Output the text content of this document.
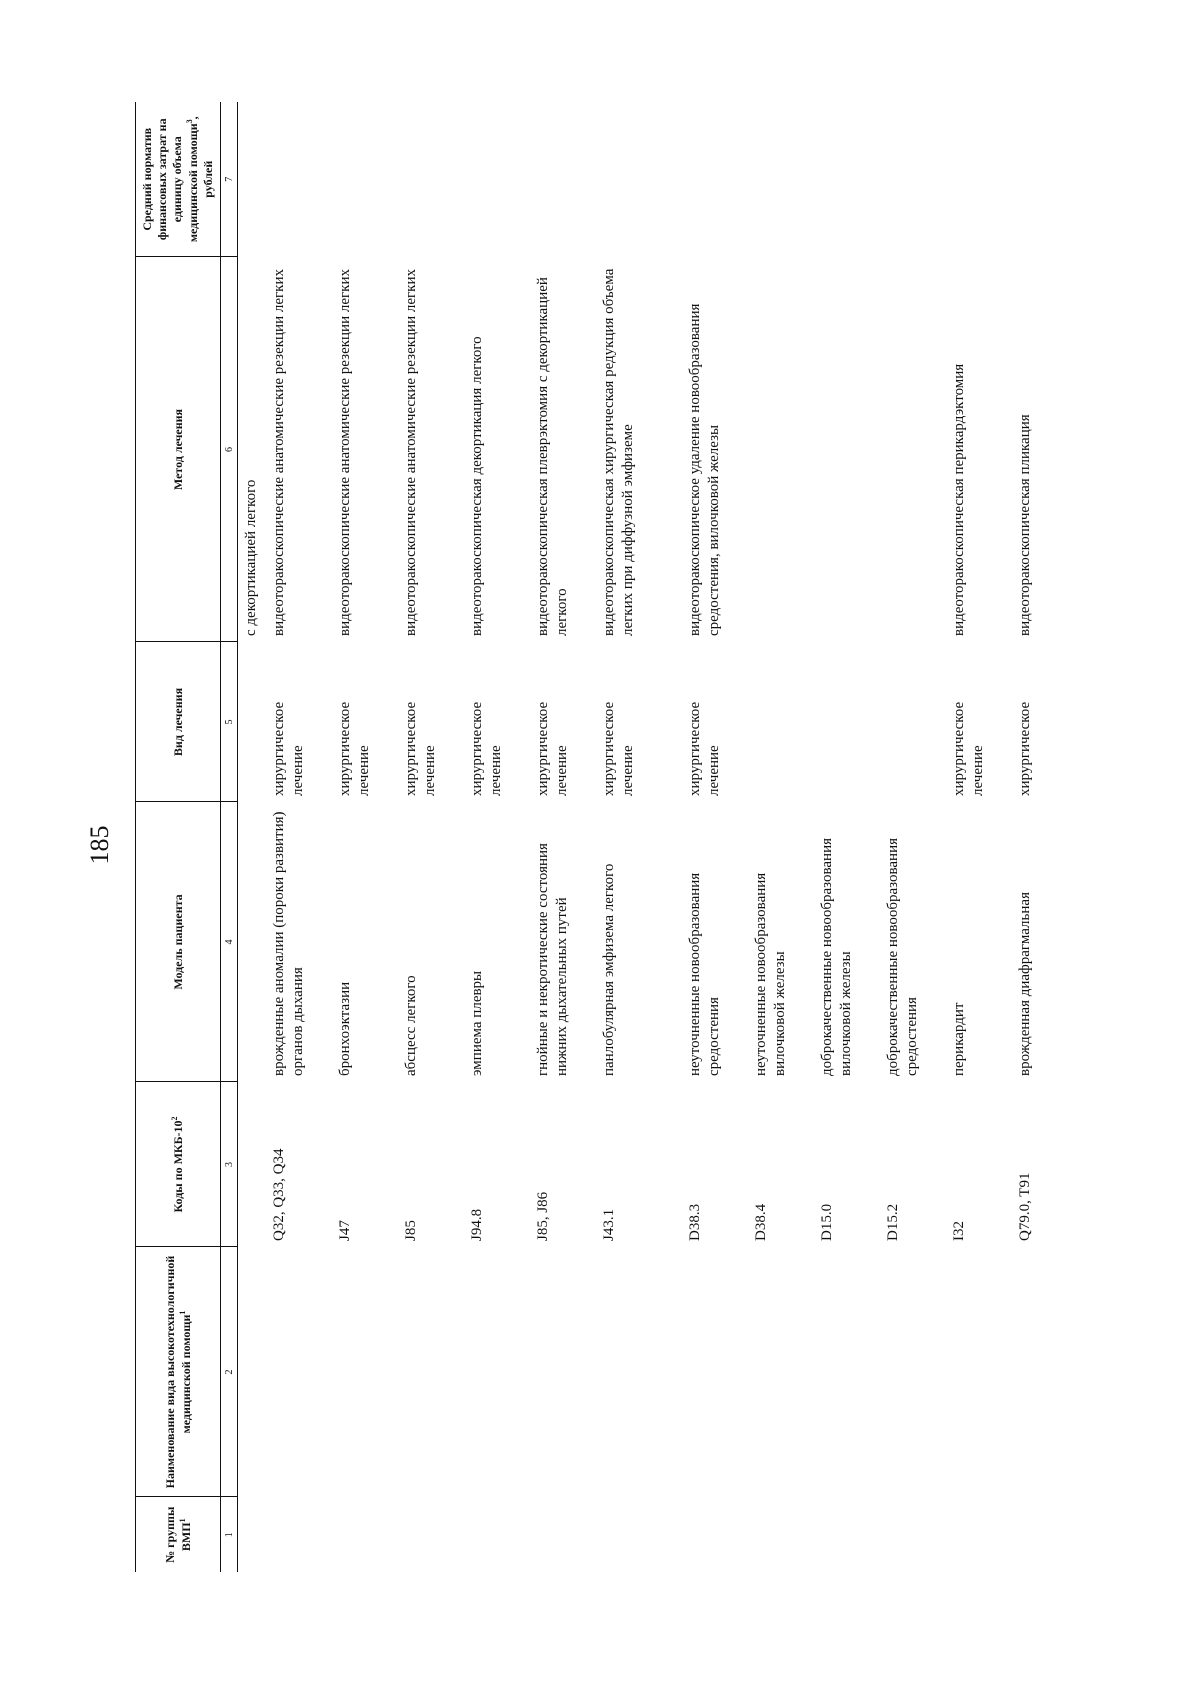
185
№ группы ВМП$^1$	Наименование вида высокотехнологичной медицинской помощи$^1$	Коды по МКБ-$10^2$	Модель пациента	Вид лечения	Метод лечения	Средний норматив финансовых затрат на единицу объема медицинской помощи$^3$, рублей
1	2	3	4	5	6	7
					с декортикацией легкого	
		Q32, Q33, Q34	врожденные аномалии (пороки развития) органов дыхания	хирургическое лечение	видеоторакоскопические анатомические резекции легких	
		J47	бронхоэктазии	хирургическое лечение	видеоторакоскопические анатомические резекции легких	
		J85	абсцесс легкого	хирургическое лечение	видеоторакоскопические анатомические резекции легких	
		J94.8	эмпиема плевры	хирургическое лечение	видеоторакоскопическая декортикация легкого	
		J85, J86	гнойные и некротические состояния нижних дыхательных путей	хирургическое лечение	видеоторакоскопическая плеврэктомия с декортикацией легкого	
		J43.1	панлобулярная эмфизема легкого	хирургическое лечение	видеоторакоскопическая хирургическая редукция объема легких при диффузной эмфиземе	
		D38.3	неуточненные новообразования средостения	хирургическое лечение	видеоторакоскопическое удаление новообразования средостения, вилочковой железы	
		D38.4	неуточненные новообразования вилочковой железы			
		D15.0	доброкачественные новообразования вилочковой железы			
		D15.2	доброкачественные новообразования средостения			
		I32	перикардит	хирургическое лечение	видеоторакоскопическая перикардэктомия	
		Q79.0, T91	врожденная диафрагмальная	хирургическое	видеоторакоскопическая пликация	
